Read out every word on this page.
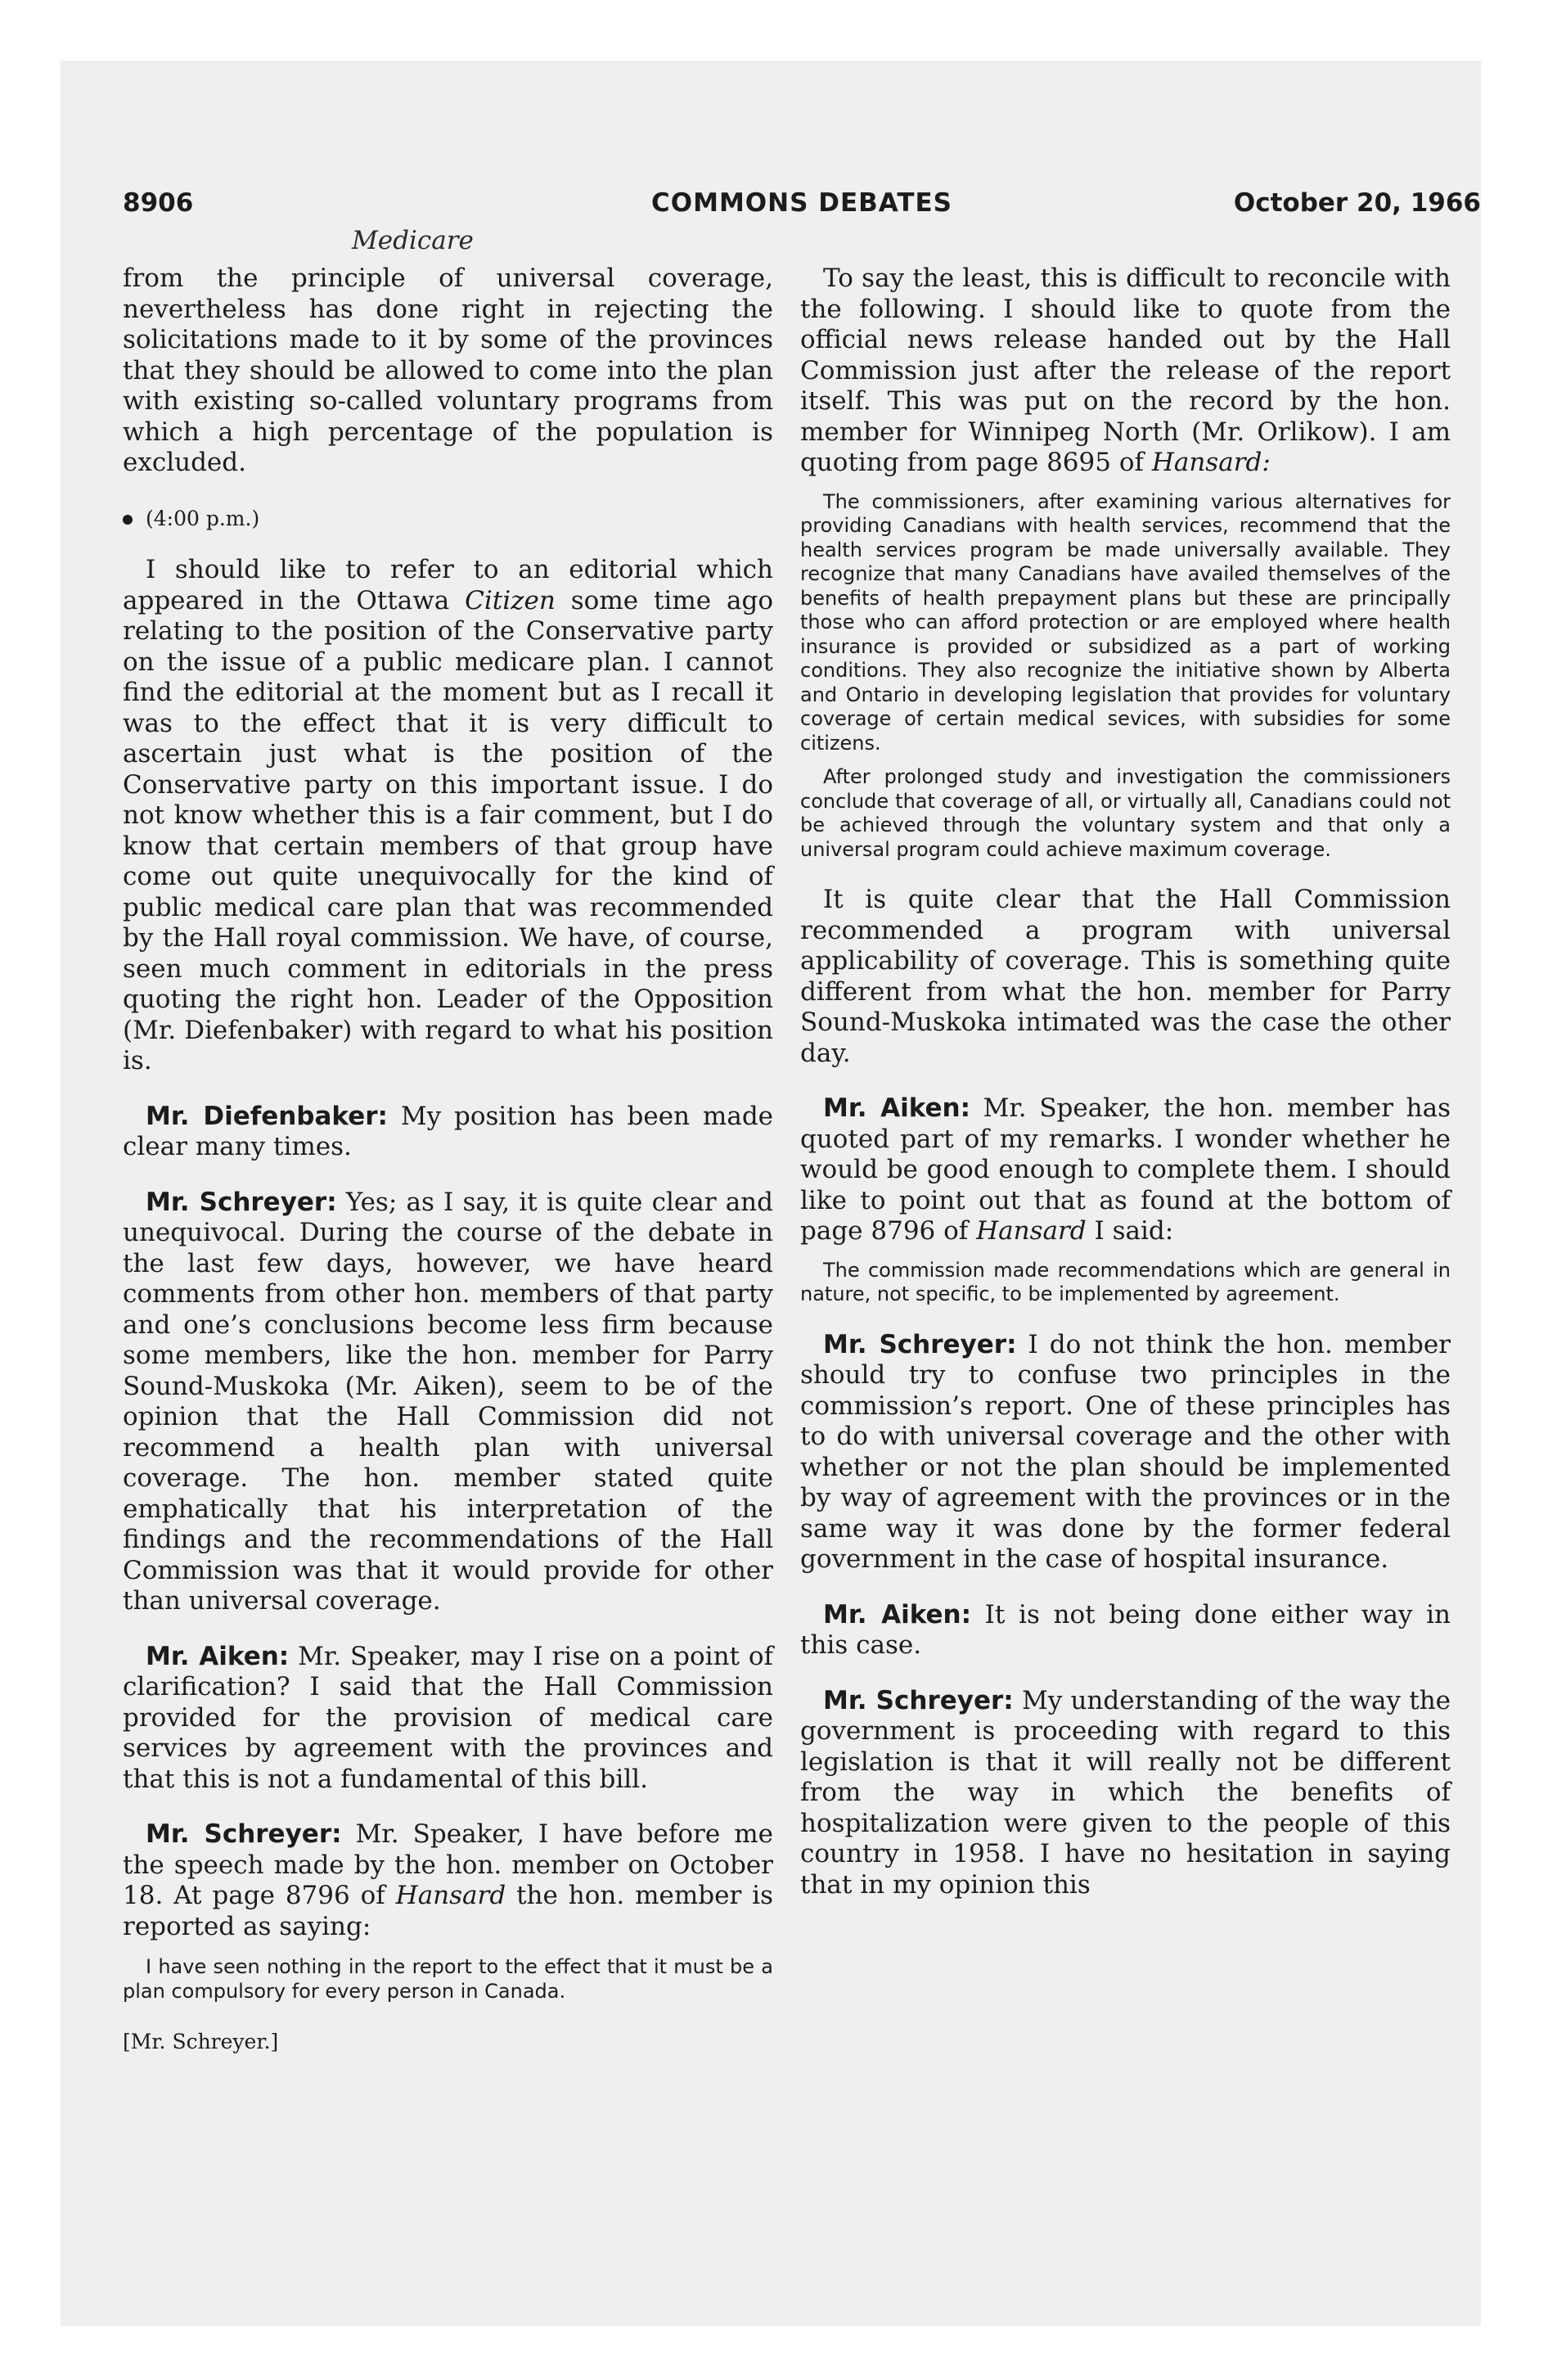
8906	COMMONS DEBATES	October 20, 1966
Medicare

from the principle of universal coverage, nevertheless has done right in rejecting the solicitations made to it by some of the provinces that they should be allowed to come into the plan with existing so-called voluntary programs from which a high percentage of the population is excluded.

(4:00 p.m.)

I should like to refer to an editorial which appeared in the Ottawa Citizen some time ago relating to the position of the Conservative party on the issue of a public medicare plan. I cannot find the editorial at the moment but as I recall it was to the effect that it is very difficult to ascertain just what is the position of the Conservative party on this important issue. I do not know whether this is a fair comment, but I do know that certain members of that group have come out quite unequivocally for the kind of public medical care plan that was recommended by the Hall royal commission. We have, of course, seen much comment in editorials in the press quoting the right hon. Leader of the Opposition (Mr. Diefenbaker) with regard to what his position is.

Mr. Diefenbaker: My position has been made clear many times.

Mr. Schreyer: Yes; as I say, it is quite clear and unequivocal. During the course of the debate in the last few days, however, we have heard comments from other hon. members of that party and one’s conclusions become less firm because some members, like the hon. member for Parry Sound-Muskoka (Mr. Aiken), seem to be of the opinion that the Hall Commission did not recommend a health plan with universal coverage. The hon. member stated quite emphatically that his interpretation of the findings and the recommendations of the Hall Commission was that it would provide for other than universal coverage.

Mr. Aiken: Mr. Speaker, may I rise on a point of clarification? I said that the Hall Commission provided for the provision of medical care services by agreement with the provinces and that this is not a fundamental of this bill.

Mr. Schreyer: Mr. Speaker, I have before me the speech made by the hon. member on October 18. At page 8796 of Hansard the hon. member is reported as saying:

I have seen nothing in the report to the effect that it must be a plan compulsory for every person in Canada.
[Mr. Schreyer.]

To say the least, this is difficult to reconcile with the following. I should like to quote from the official news release handed out by the Hall Commission just after the release of the report itself. This was put on the record by the hon. member for Winnipeg North (Mr. Orlikow). I am quoting from page 8695 of Hansard:

The commissioners, after examining various alternatives for providing Canadians with health services, recommend that the health services program be made universally available. They recognize that many Canadians have availed themselves of the benefits of health prepayment plans but these are principally those who can afford protection or are employed where health insurance is provided or subsidized as a part of working conditions. They also recognize the initiative shown by Alberta and Ontario in developing legislation that provides for voluntary coverage of certain medical sevices, with subsidies for some citizens.
After prolonged study and investigation the commissioners conclude that coverage of all, or virtually all, Canadians could not be achieved through the voluntary system and that only a universal program could achieve maximum coverage.

It is quite clear that the Hall Commission recommended a program with universal applicability of coverage. This is something quite different from what the hon. member for Parry Sound-Muskoka intimated was the case the other day.

Mr. Aiken: Mr. Speaker, the hon. member has quoted part of my remarks. I wonder whether he would be good enough to complete them. I should like to point out that as found at the bottom of page 8796 of Hansard I said:

The commission made recommendations which are general in nature, not specific, to be implemented by agreement.

Mr. Schreyer: I do not think the hon. member should try to confuse two principles in the commission’s report. One of these principles has to do with universal coverage and the other with whether or not the plan should be implemented by way of agreement with the provinces or in the same way it was done by the former federal government in the case of hospital insurance.

Mr. Aiken: It is not being done either way in this case.

Mr. Schreyer: My understanding of the way the government is proceeding with regard to this legislation is that it will really not be different from the way in which the benefits of hospitalization were given to the people of this country in 1958. I have no hesitation in saying that in my opinion this
